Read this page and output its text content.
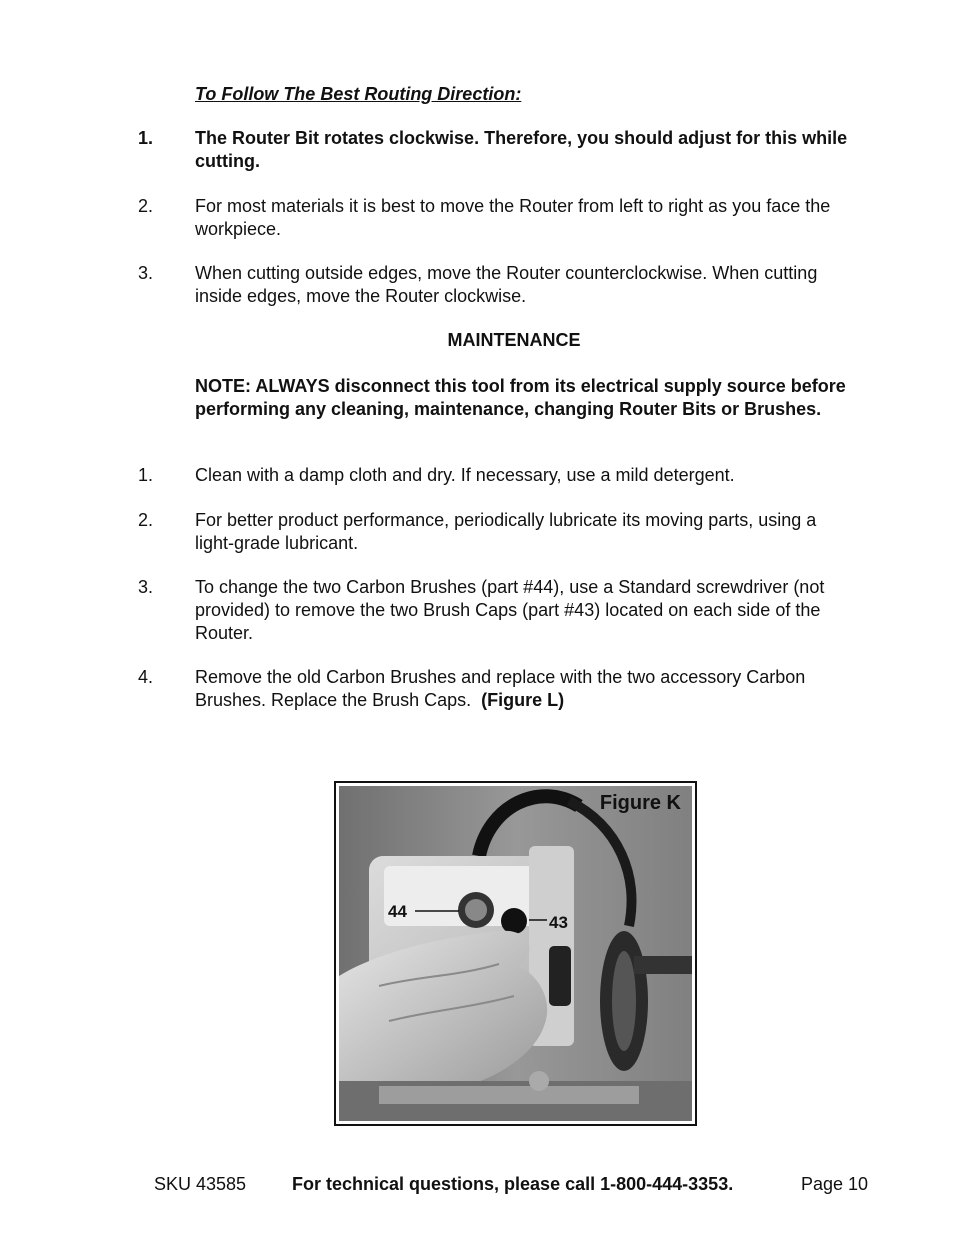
To Follow The Best Routing Direction:
1. The Router Bit rotates clockwise. Therefore, you should adjust for this while cutting.
2. For most materials it is best to move the Router from left to right as you face the workpiece.
3. When cutting outside edges, move the Router counterclockwise. When cutting inside edges, move the Router clockwise.
MAINTENANCE
NOTE: ALWAYS disconnect this tool from its electrical supply source before performing any cleaning, maintenance, changing Router Bits or Brushes.
1. Clean with a damp cloth and dry. If necessary, use a mild detergent.
2. For better product performance, periodically lubricate its moving parts, using a light-grade lubricant.
3. To change the two Carbon Brushes (part #44), use a Standard screwdriver (not provided) to remove the two Brush Caps (part #43) located on each side of the Router.
4. Remove the old Carbon Brushes and replace with the two accessory Carbon Brushes. Replace the Brush Caps. (Figure L)
Figure K
44
43
SKU 43585	For technical questions, please call 1-800-444-3353.	Page 10
